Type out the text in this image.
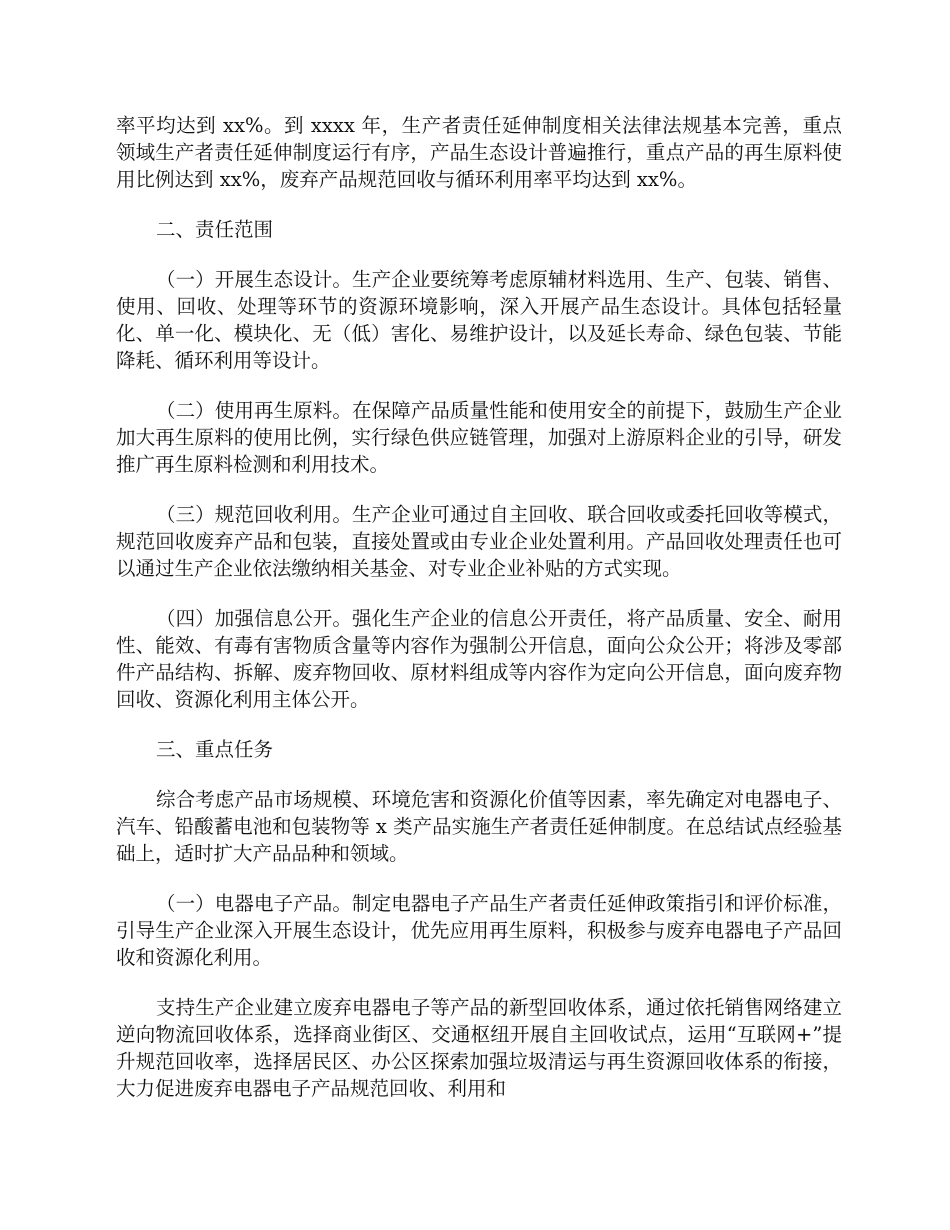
率平均达到 xx%。到 xxxx 年，生产者责任延伸制度相关法律法规基本完善，重点领域生产者责任延伸制度运行有序，产品生态设计普遍推行，重点产品的再生原料使用比例达到 xx%，废弃产品规范回收与循环利用率平均达到 xx%。

二、责任范围

（一）开展生态设计。生产企业要统筹考虑原辅材料选用、生产、包装、销售、使用、回收、处理等环节的资源环境影响，深入开展产品生态设计。具体包括轻量化、单一化、模块化、无（低）害化、易维护设计，以及延长寿命、绿色包装、节能降耗、循环利用等设计。

（二）使用再生原料。在保障产品质量性能和使用安全的前提下，鼓励生产企业加大再生原料的使用比例，实行绿色供应链管理，加强对上游原料企业的引导，研发推广再生原料检测和利用技术。

（三）规范回收利用。生产企业可通过自主回收、联合回收或委托回收等模式，规范回收废弃产品和包装，直接处置或由专业企业处置利用。产品回收处理责任也可以通过生产企业依法缴纳相关基金、对专业企业补贴的方式实现。

（四）加强信息公开。强化生产企业的信息公开责任，将产品质量、安全、耐用性、能效、有毒有害物质含量等内容作为强制公开信息，面向公众公开；将涉及零部件产品结构、拆解、废弃物回收、原材料组成等内容作为定向公开信息，面向废弃物回收、资源化利用主体公开。

三、重点任务

综合考虑产品市场规模、环境危害和资源化价值等因素，率先确定对电器电子、汽车、铅酸蓄电池和包装物等 x 类产品实施生产者责任延伸制度。在总结试点经验基础上，适时扩大产品品种和领域。

（一）电器电子产品。制定电器电子产品生产者责任延伸政策指引和评价标准，引导生产企业深入开展生态设计，优先应用再生原料，积极参与废弃电器电子产品回收和资源化利用。

支持生产企业建立废弃电器电子等产品的新型回收体系，通过依托销售网络建立逆向物流回收体系，选择商业街区、交通枢纽开展自主回收试点，运用“互联网+”提升规范回收率，选择居民区、办公区探索加强垃圾清运与再生资源回收体系的衔接，大力促进废弃电器电子产品规范回收、利用和
